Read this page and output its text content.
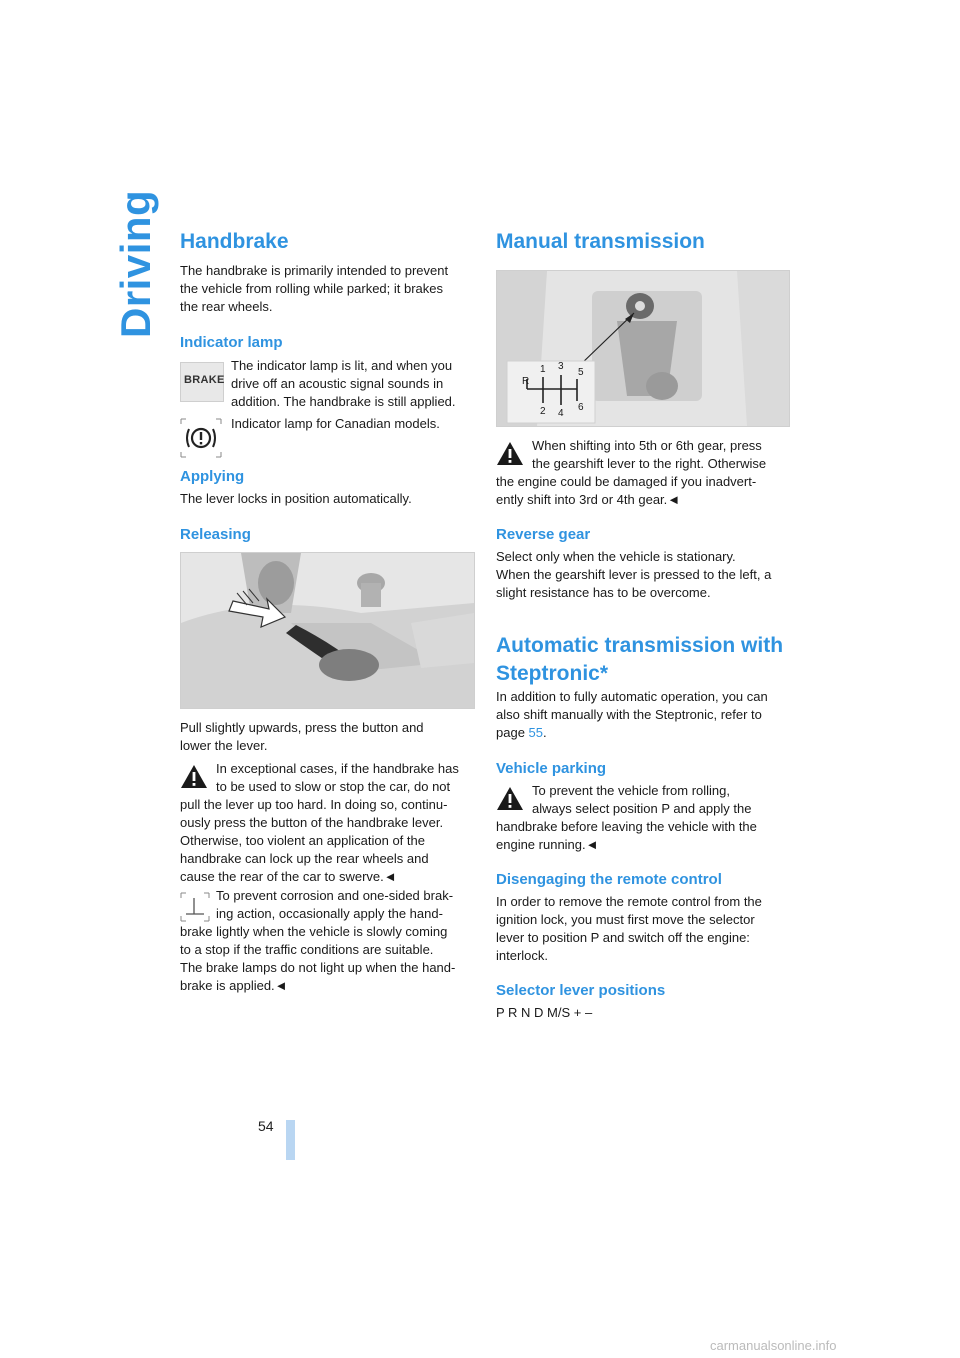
Driving Handbrake

The handbrake is primarily intended to prevent

the vehicle from rolling while parked; it brakes

the rear wheels.

Indicator lamp
BRAKE

The indicator lamp is lit, and when you

drive off an acoustic signal sounds in

addition. The handbrake is still applied.

Indicator lamp for Canadian models.

Applying

The lever locks in position automatically.

Releasing

Pull slightly upwards, press the button and

lower the lever.

In exceptional cases, if the handbrake has

to be used to slow or stop the car, do not

pull the lever up too hard. In doing so, continu-

ously press the button of the handbrake lever.

Otherwise, too violent an application of the

handbrake can lock up the rear wheels and

cause the rear of the car to swerve.◄

To prevent corrosion and one-sided brak-

ing action, occasionally apply the hand-

brake lightly when the vehicle is slowly coming

to a stop if the traffic conditions are suitable.

The brake lamps do not light up when the hand-

brake is applied.◄

Manual transmission
R
1
2
3
4
5
6

When shifting into 5th or 6th gear, press

the gearshift lever to the right. Otherwise

the engine could be damaged if you inadvert-

ently shift into 3rd or 4th gear.◄

Reverse gear

Select only when the vehicle is stationary.

When the gearshift lever is pressed to the left, a

slight resistance has to be overcome.

Automatic transmission with
Steptronic*

In addition to fully automatic operation, you can

also shift manually with the Steptronic, refer to

page 55.

Vehicle parking

To prevent the vehicle from rolling,

always select position P and apply the

handbrake before leaving the vehicle with the

engine running.◄

Disengaging the remote control

In order to remove the remote control from the

ignition lock, you must first move the selector

lever to position P and switch off the engine:

interlock.

Selector lever positions

P R N D M/S + –

54
carmanualsonline.info
